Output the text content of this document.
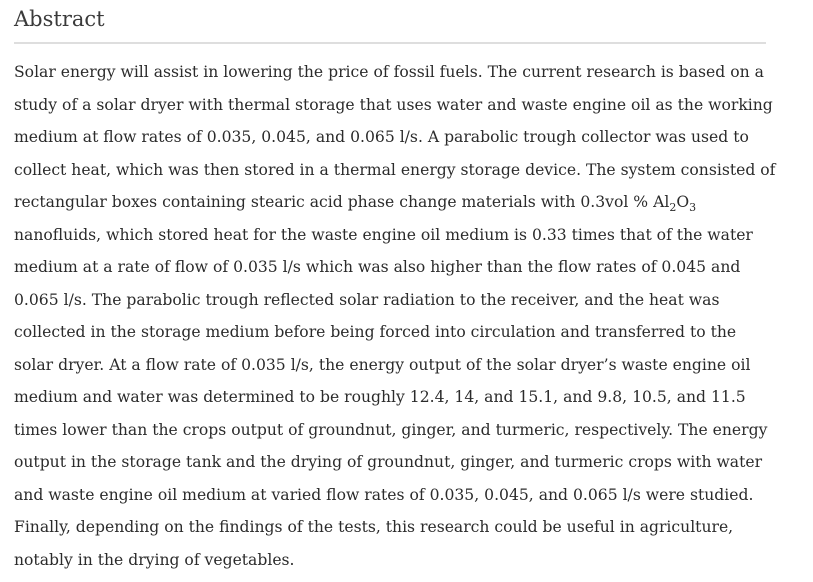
Abstract
Solar energy will assist in lowering the price of fossil fuels. The current research is based on a
study of a solar dryer with thermal storage that uses water and waste engine oil as the working
medium at flow rates of 0.035, 0.045, and 0.065 l/s. A parabolic trough collector was used to
collect heat, which was then stored in a thermal energy storage device. The system consisted of
rectangular boxes containing stearic acid phase change materials with 0.3vol % $Al_2O_3$
nanofluids, which stored heat for the waste engine oil medium is 0.33 times that of the water
medium at a rate of flow of 0.035 l/s which was also higher than the flow rates of 0.045 and
0.065 l/s. The parabolic trough reflected solar radiation to the receiver, and the heat was
collected in the storage medium before being forced into circulation and transferred to the
solar dryer. At a flow rate of 0.035 l/s, the energy output of the solar dryer’s waste engine oil
medium and water was determined to be roughly 12.4, 14, and 15.1, and 9.8, 10.5, and 11.5
times lower than the crops output of groundnut, ginger, and turmeric, respectively. The energy
output in the storage tank and the drying of groundnut, ginger, and turmeric crops with water
and waste engine oil medium at varied flow rates of 0.035, 0.045, and 0.065 l/s were studied.
Finally, depending on the findings of the tests, this research could be useful in agriculture,
notably in the drying of vegetables.
